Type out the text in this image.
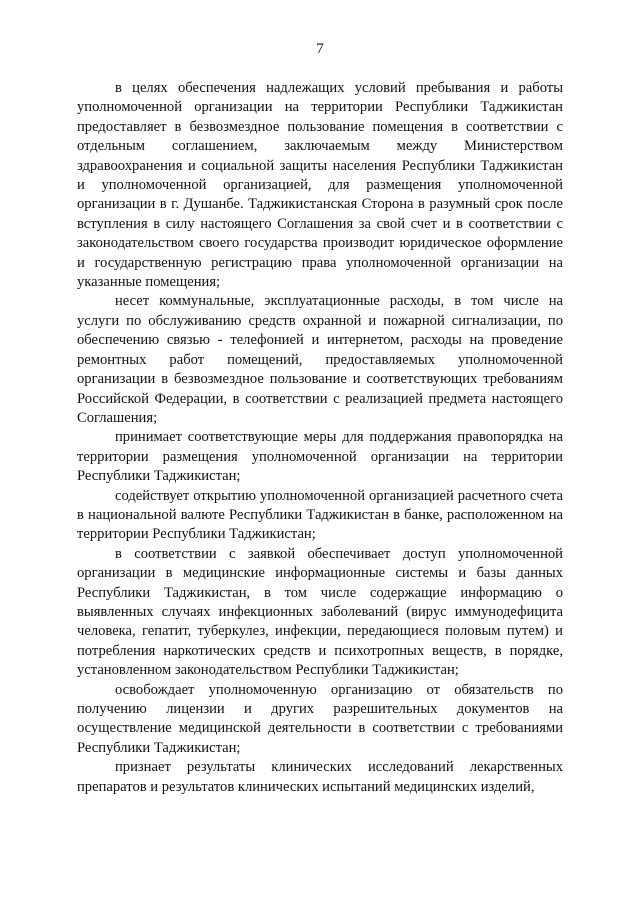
7

в целях обеспечения надлежащих условий пребывания и работы уполномоченной организации на территории Республики Таджикистан предоставляет в безвозмездное пользование помещения в соответствии с отдельным соглашением, заключаемым между Министерством здравоохранения и социальной защиты населения Республики Таджикистан и уполномоченной организацией, для размещения уполномоченной организации в г. Душанбе. Таджикистанская Сторона в разумный срок после вступления в силу настоящего Соглашения за свой счет и в соответствии с законодательством своего государства производит юридическое оформление и государственную регистрацию права уполномоченной организации на указанные помещения;

несет коммунальные, эксплуатационные расходы, в том числе на услуги по обслуживанию средств охранной и пожарной сигнализации, по обеспечению связью - телефонией и интернетом, расходы на проведение ремонтных работ помещений, предоставляемых уполномоченной организации в безвозмездное пользование и соответствующих требованиям Российской Федерации, в соответствии с реализацией предмета настоящего Соглашения;

принимает соответствующие меры для поддержания правопорядка на территории размещения уполномоченной организации на территории Республики Таджикистан;

содействует открытию уполномоченной организацией расчетного счета в национальной валюте Республики Таджикистан в банке, расположенном на территории Республики Таджикистан;

в соответствии с заявкой обеспечивает доступ уполномоченной организации в медицинские информационные системы и базы данных Республики Таджикистан, в том числе содержащие информацию о выявленных случаях инфекционных заболеваний (вирус иммунодефицита человека, гепатит, туберкулез, инфекции, передающиеся половым путем) и потребления наркотических средств и психотропных веществ, в порядке, установленном законодательством Республики Таджикистан;

освобождает уполномоченную организацию от обязательств по получению лицензии и других разрешительных документов на осуществление медицинской деятельности в соответствии с требованиями Республики Таджикистан;

признает результаты клинических исследований лекарственных препаратов и результатов клинических испытаний медицинских изделий,
